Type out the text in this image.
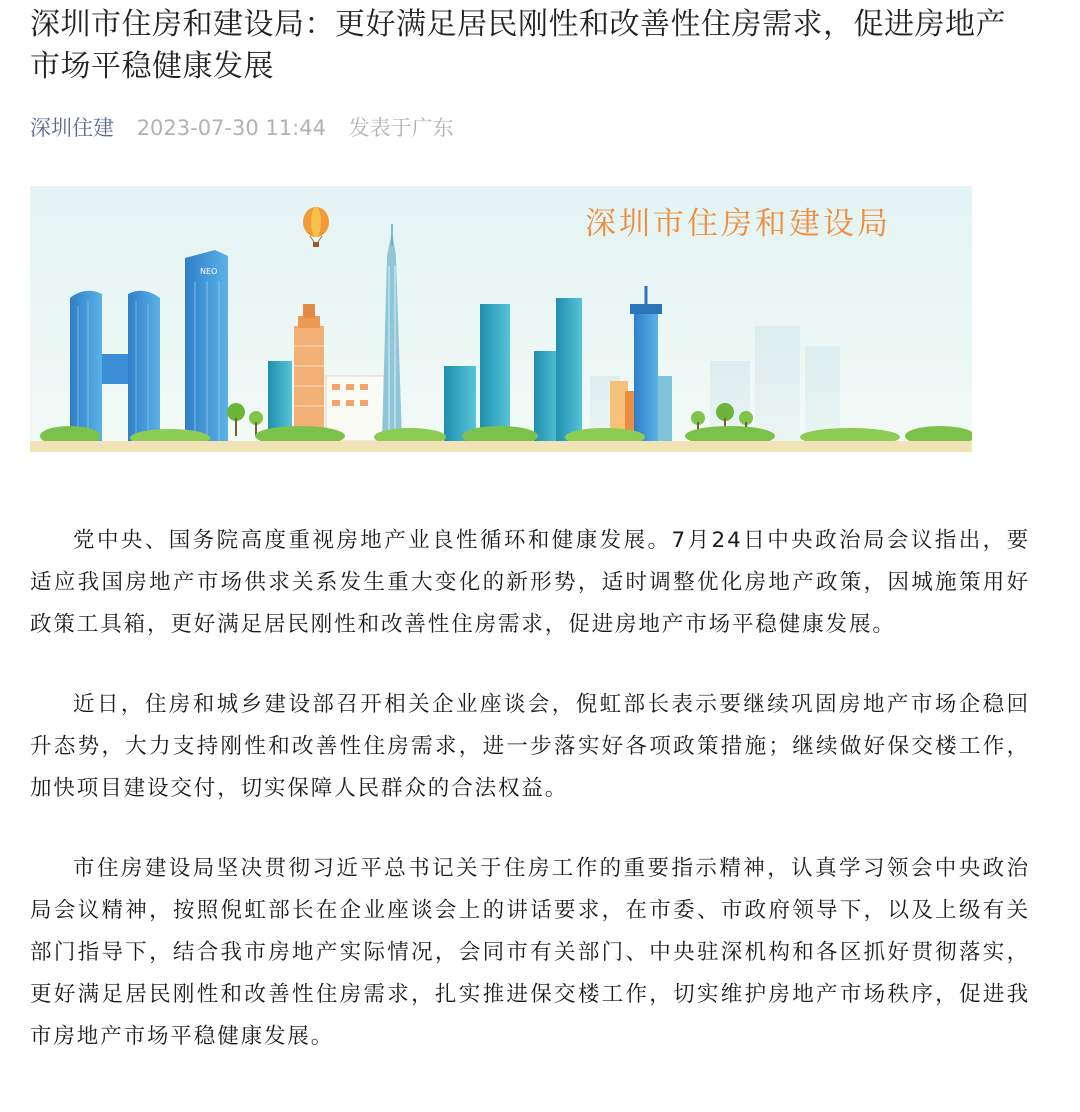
深圳市住房和建设局：更好满足居民刚性和改善性住房需求，促进房地产市场平稳健康发展
深圳住建 2023-07-30 11:44 发表于广东
NEO
深圳市住房和建设局

党中央、国务院高度重视房地产业良性循环和健康发展。7月24日中央政治局会议指出，要适应我国房地产市场供求关系发生重大变化的新形势，适时调整优化房地产政策，因城施策用好政策工具箱，更好满足居民刚性和改善性住房需求，促进房地产市场平稳健康发展。

近日，住房和城乡建设部召开相关企业座谈会，倪虹部长表示要继续巩固房地产市场企稳回升态势，大力支持刚性和改善性住房需求，进一步落实好各项政策措施；继续做好保交楼工作，加快项目建设交付，切实保障人民群众的合法权益。

市住房建设局坚决贯彻习近平总书记关于住房工作的重要指示精神，认真学习领会中央政治局会议精神，按照倪虹部长在企业座谈会上的讲话要求，在市委、市政府领导下，以及上级有关部门指导下，结合我市房地产实际情况，会同市有关部门、中央驻深机构和各区抓好贯彻落实，更好满足居民刚性和改善性住房需求，扎实推进保交楼工作，切实维护房地产市场秩序，促进我市房地产市场平稳健康发展。
